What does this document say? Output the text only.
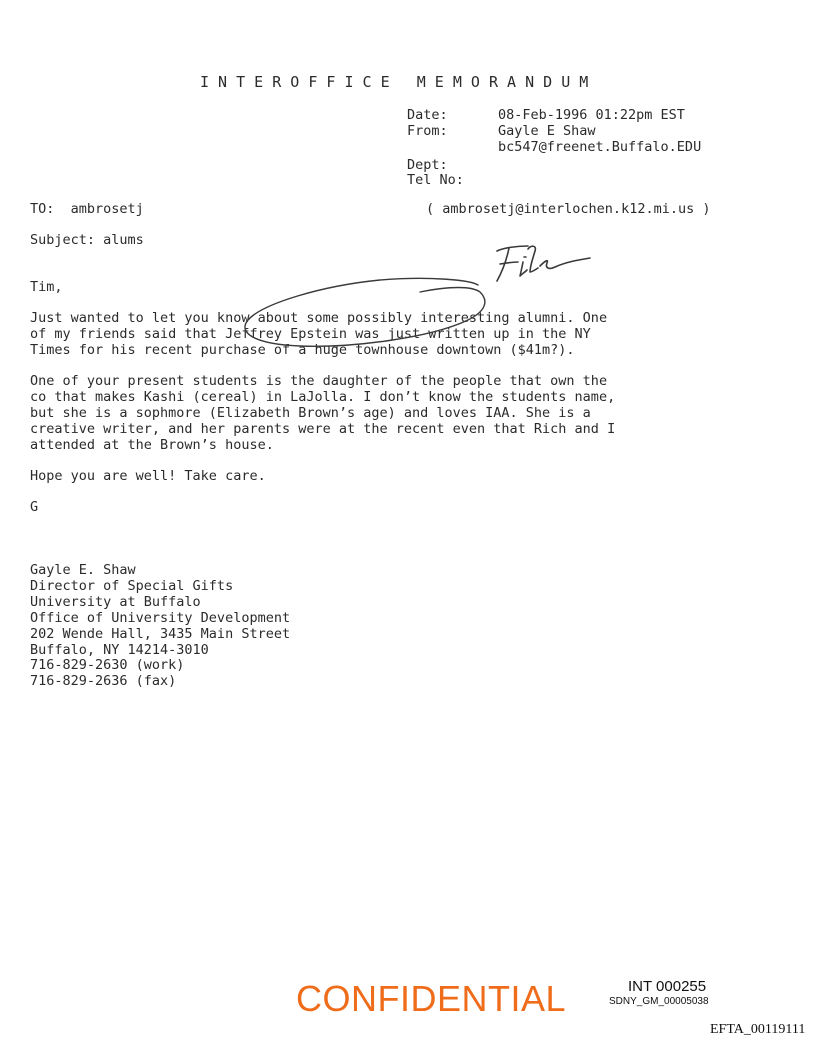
I N T E R O F F I C E   M E M O R A N D U M
Date:	08-Feb-1996 01:22pm EST
From:	Gayle E Shaw
bc547@freenet.Buffalo.EDU
Dept:
Tel No:
TO:  ambrosetj	( ambrosetj@interlochen.k12.mi.us )
Subject: alums
Tim,
Just wanted to let you know about some possibly interesting alumni. One
of my friends said that Jeffrey Epstein was just written up in the NY
Times for his recent purchase of a huge townhouse downtown ($41m?).
One of your present students is the daughter of the people that own the
co that makes Kashi (cereal) in LaJolla. I don’t know the students name,
but she is a sophmore (Elizabeth Brown’s age) and loves IAA. She is a
creative writer, and her parents were at the recent even that Rich and I
attended at the Brown’s house.
Hope you are well! Take care.
G
Gayle E. Shaw
Director of Special Gifts
University at Buffalo
Office of University Development
202 Wende Hall, 3435 Main Street
Buffalo, NY 14214-3010
716-829-2630 (work)
716-829-2636 (fax)
CONFIDENTIAL	INT 000255
SDNY_GM_00005038
EFTA_00119111
